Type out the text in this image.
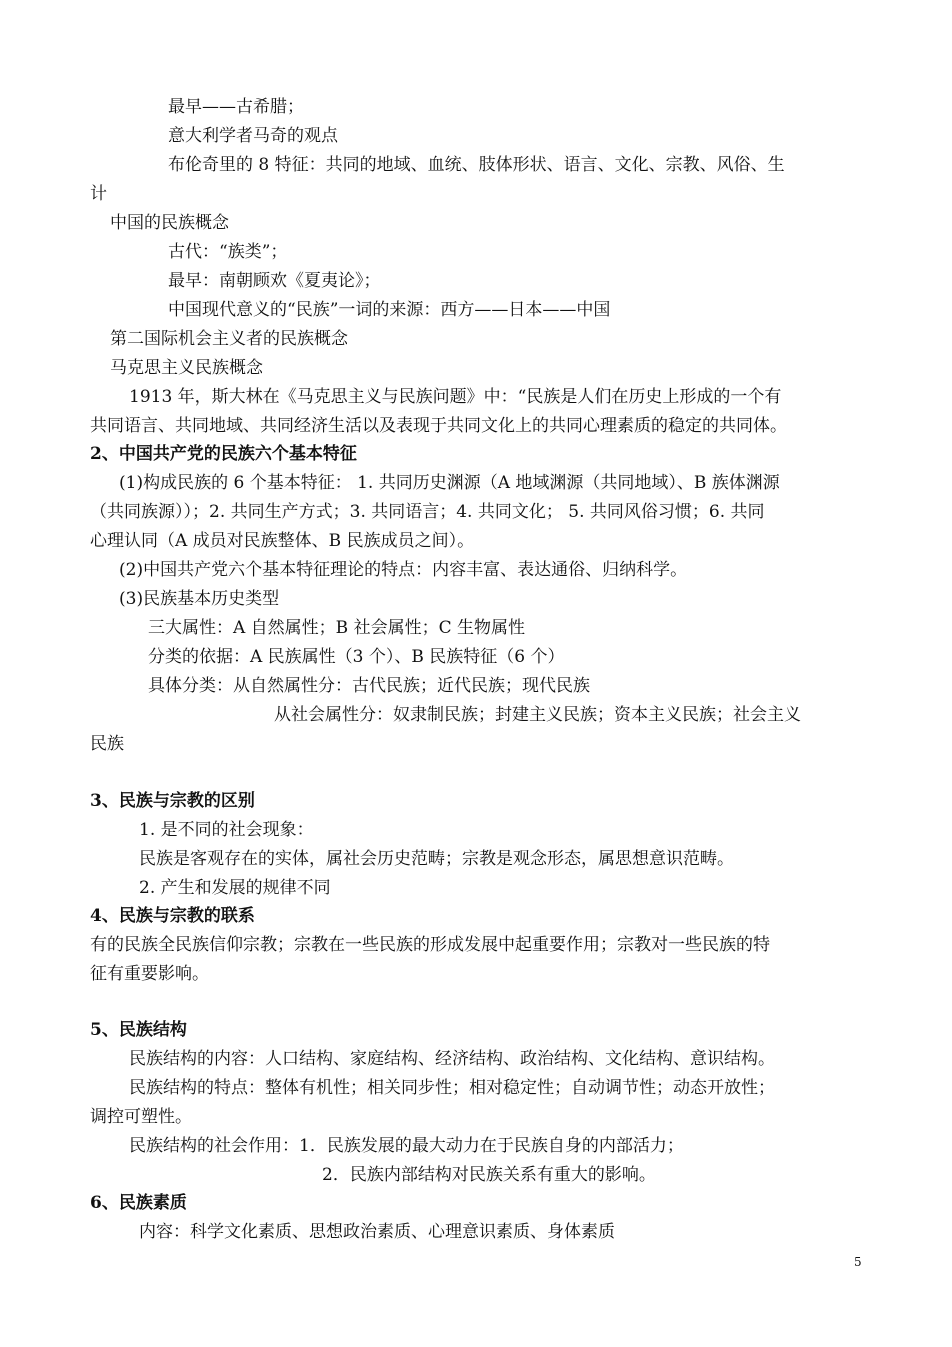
最早——古希腊；
意大利学者马奇的观点
布伦奇里的 8 特征：共同的地域、血统、肢体形状、语言、文化、宗教、风俗、生
计
中国的民族概念
古代：“族类”；
最早：南朝顾欢《夏夷论》；
中国现代意义的“民族”一词的来源：西方——日本——中国
第二国际机会主义者的民族概念
马克思主义民族概念
1913 年，斯大林在《马克思主义与民族问题》中：“民族是人们在历史上形成的一个有
共同语言、共同地域、共同经济生活以及表现于共同文化上的共同心理素质的稳定的共同体。
2、中国共产党的民族六个基本特征
(1)构成民族的 6 个基本特征： 1. 共同历史渊源（A 地域渊源（共同地域）、B 族体渊源
（共同族源））；2. 共同生产方式；3. 共同语言；4. 共同文化； 5. 共同风俗习惯；6. 共同
心理认同（A 成员对民族整体、B 民族成员之间）。
(2)中国共产党六个基本特征理论的特点：内容丰富、表达通俗、归纳科学。
(3)民族基本历史类型
三大属性：A 自然属性；B 社会属性；C 生物属性
分类的依据：A 民族属性（3 个）、B 民族特征（6 个）
具体分类：从自然属性分：古代民族；近代民族；现代民族
从社会属性分：奴隶制民族；封建主义民族；资本主义民族；社会主义
民族
3、民族与宗教的区别
1. 是不同的社会现象：
民族是客观存在的实体，属社会历史范畴；宗教是观念形态，属思想意识范畴。
2. 产生和发展的规律不同
4、民族与宗教的联系
有的民族全民族信仰宗教；宗教在一些民族的形成发展中起重要作用；宗教对一些民族的特
征有重要影响。
5、民族结构
民族结构的内容：人口结构、家庭结构、经济结构、政治结构、文化结构、意识结构。
民族结构的特点：整体有机性；相关同步性；相对稳定性；自动调节性；动态开放性；
调控可塑性。
民族结构的社会作用：1．民族发展的最大动力在于民族自身的内部活力；
2．民族内部结构对民族关系有重大的影响。
6、民族素质
内容：科学文化素质、思想政治素质、心理意识素质、身体素质
5
